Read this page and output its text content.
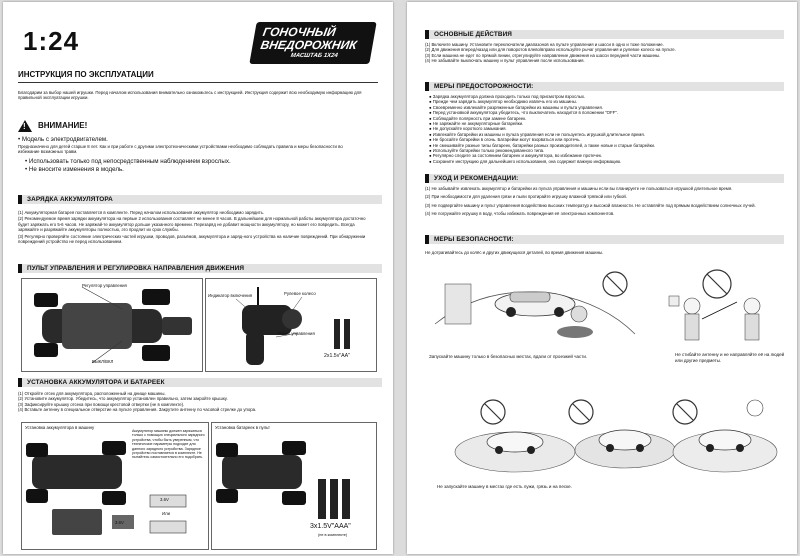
1:24	ГОНОЧНЫЙ
ВНЕДОРОЖНИК
МАСШТАБ 1Х24
ИНСТРУКЦИЯ ПО ЭКСПЛУАТАЦИИ
Благодарим за выбор нашей игрушки. Перед началом использования внимательно ознакомьтесь с инструкцией. Инструкция содержит всю необходимую информацию для правильной эксплуатации игрушки.
! ВНИМАНИЕ!
• Модель с электродвигателем.
Предназначено для детей старше 8 лет. Как и при работе с другими электротехническими устройствами необходимо соблюдать правила и меры безопасности во избежание возможных травм.
• Использовать только под непосредственным наблюдением взрослых.
• Не вносите изменения в модель.
ЗАРЯДКА АККУМУЛЯТОРА
(1) Аккумуляторная батарея поставляется в комплекте. Перед началом использования аккумулятор необходимо зарядить.
(2) Рекомендуемое время зарядки аккумулятора на первые 2 использования составляет не менее 8 часов. В дальнейшем для нормальной работы аккумулятора достаточно будет заряжать его 5-6 часов. Не заряжай-те аккумулятор дольше указанного времени. Перезаряд не добавит мощности аккумулятору, но может его повредить. Всегда заряжайте и разряжайте аккумуляторы полностью, это продлит их срок службы.
(3) Регулярно проверяйте состояние электрических частей игрушки, проводов, разъёмов, аккумулятора и заряд-ного устройства на наличие повреждений. При обнаружении повреждений устройство не перед использованием.
ПУЛЬТ УПРАВЛЕНИЯ И РЕГУЛИРОВКА НАПРАВЛЕНИЯ ДВИЖЕНИЯ
Регулятор управления
ВЫКЛ/ВКЛ
Индикатор включения	Рулевое колесо
Рычаг управления
2х1.5v"AA"
УСТАНОВКА АККУМУЛЯТОРА И БАТАРЕЕК
(1) Откройте отсек для аккумулятора, расположенный на днище машины.
(2) Установите аккумулятор. Убедитесь, что аккумулятор установлен правильно, затем закройте крышку.
(3) Зафиксируйте крышку отсека при помощи крестовой отвертки (не в комплекте).
(4) Вставьте антенну в специальное отверстие на пульте управления. Закрутите антенну по часовой стрелке до упора.
Установка аккумулятора в машину
Аккумулятор машины должен заряжаться только с помощью специального зарядного устройства, чтобы быть уверенным, что технические параметры подходят для данного зарядного устройства. Зарядное устройство поставляется в комплекте. Не пытайтесь самостоятельно его подобрать.
3.6V
3.6V
Или
Установка батареек в пульт
3х1.5V"AAA"
(не в комплекте)
ОСНОВНЫЕ ДЕЙСТВИЯ
(1) Включите машину. Установите переключатели диапазонов на пульте управления и шасси в одно и тоже положение.
(2) Для движения вперед/назад или для поворотов влево/вправо используйте рычаг управления и рулевое колесо на пульте.
(3) Если машина не едет по прямой линии, отрегулируйте направление движения на шасси передней части машины.
(4) Не забывайте выключать машину и пульт управления после использования.
МЕРЫ ПРЕДОСТОРОЖНОСТИ:
● Зарядка аккумулятора должна проходить только под присмотром взрослых.
● Прежде чем зарядить аккумулятор необходимо извлечь его из машины.
● Своевременно извлекайте разряженные батарейки из машины и пульта управления.
● Перед установкой аккумулятора убедитесь, что выключатель находится в положении "OFF".
● Соблюдайте полярность при замене батареек.
● Не заряжайте не аккумуляторные батарейки.
● Не допускайте короткого замыкания.
● Извлекайте батарейки из машины и пульта управления если не пользуетесь игрушкой длительное время.
● Не бросайте батарейки в огонь. Батарейки могут взорваться или протечь.
● Не смешивайте разные типы батареек, батарейки разных производителей, а также новые и старые батарейки.
● Используйте батарейки только рекомендованного типа.
● Регулярно следите за состоянием батареек и аккумулятора, во избежание протечек.
● Сохраните инструкцию для дальнейшего использования, она содержит важную информацию.
УХОД И РЕКОМЕНДАЦИИ:
(1) Не забывайте извлекать аккумулятор и батарейки из пульта управления и машины если вы планируете не пользоваться игрушкой длительное время.
(2) При необходимости для удаления грязи и пыли протирайте игрушку влажной тряпкой или губкой.
(3) Не подвергайте машину и пульт управления воздействию высоких температур и высокой влажности. Не оставляйте под прямым воздействием солнечных лучей.
(4) Не погружайте игрушку в воду, чтобы избежать повреждения её электронных компонентов.
МЕРЫ БЕЗОПАСНОСТИ:
Не дотрагивайтесь до колёс и других движущихся деталей, во время движения машины.
Запускайте машину только в безопасных местах, вдали от проезжей части.	Не стибайте антенну и не направляйте её на людей или другие предметы.
Не запускайте машину в местах где есть лужи, грязь и на песке.
